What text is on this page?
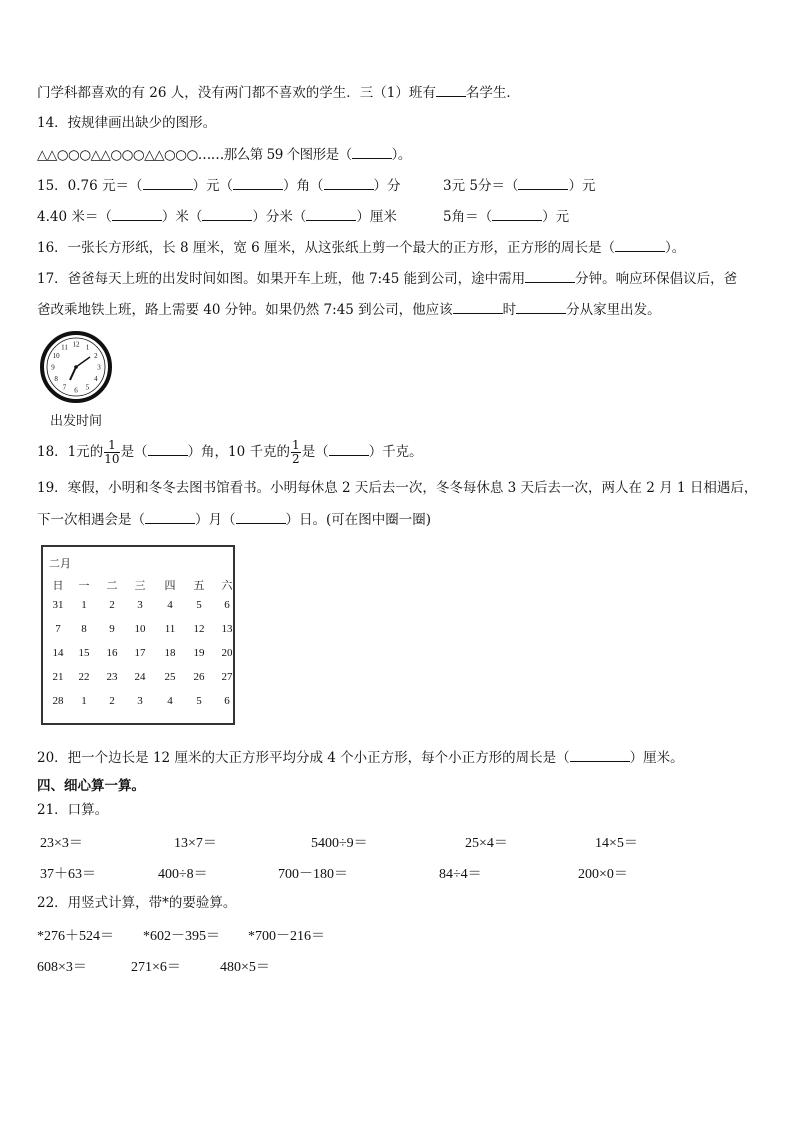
门学科都喜欢的有 26 人，没有两门都不喜欢的学生．三（1）班有 名学生．
14．按规律画出缺少的图形。
△△○○○△△○○○△△○○○……那么第 59 个图形是（	）。
15．0.76 元＝（	）元（	）角（	）分	3元 5分＝（	）元
4.40 米＝（	）米（	）分米（	）厘米	5角＝（	）元
16．一张长方形纸，长 8 厘米，宽 6 厘米，从这张纸上剪一个最大的正方形，正方形的周长是（	）。
17．爸爸每天上班的出发时间如图。如果开车上班，他 7:45 能到公司，途中需用	分钟。响应环保倡议后，爸
爸改乘地铁上班，路上需要 40 分钟。如果仍然 7:45 到公司，他应该	时	分从家里出发。
12 1
2
3
4
5
6
7
8
9
10
11
出发时间
18．1元的 $\frac{1}{10}$ 是（	）角，10 千克的 $\frac{1}{2}$ 是（	）千克。
19．寒假，小明和冬冬去图书馆看书。小明每休息 2 天后去一次，冬冬每休息 3 天后去一次，两人在 2 月 1 日相遇后，
下一次相遇会是（	）月（	）日。(可在图中圈一圈)
二月
日	一	二	三	四	五	六
31	1	2	3	4	5	6
7	8	9	10	11	12	13
14	15	16	17	18	19	20
21	22	23	24	25	26	27
28	1	2	3	4	5	6
20．把一个边长是 12 厘米的大正方形平均分成 4 个小正方形，每个小正方形的周长是（	）厘米。
四、细心算一算。
21．口算。
23×3＝	13×7＝	5400÷9＝	25×4＝	14×5＝
37＋63＝	400÷8＝	700－180＝	84÷4＝	200×0＝
22．用竖式计算，带*的要验算。
*276＋524＝ *602－395＝ *700－216＝
608×3＝	271×6＝	480×5＝
